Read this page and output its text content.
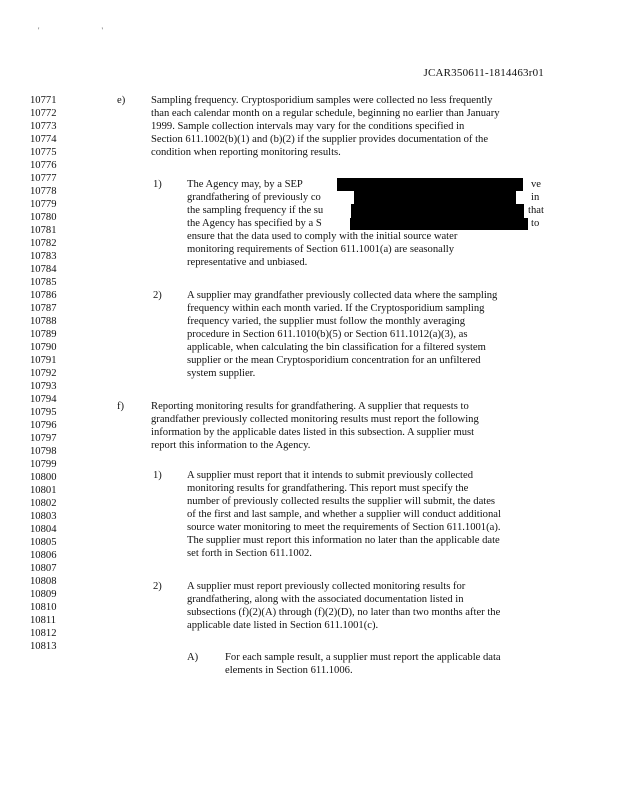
' '
JCAR350611-1814463r01
10771
10772
10773
10774
10775
10776
10777
10778
10779
10780
10781
10782
10783
10784
10785
10786
10787
10788
10789
10790
10791
10792
10793
10794
10795
10796
10797
10798
10799
10800
10801
10802
10803
10804
10805
10806
10807
10808
10809
10810
10811
10812
10813
e) Sampling frequency. Cryptosporidium samples were collected no less frequently
than each calendar month on a regular schedule, beginning no earlier than January
1999. Sample collection intervals may vary for the conditions specified in
Section 611.1002(b)(1) and (b)(2) if the supplier provides documentation of the
condition when reporting monitoring results.
1) The Agency may, by a SEP
grandfathering of previously co
the sampling frequency if the su
the Agency has specified by a S
ensure that the data used to comply with the initial source water
monitoring requirements of Section 611.1001(a) are seasonally
representative and unbiased.
ve
in
that
to
2) A supplier may grandfather previously collected data where the sampling
frequency within each month varied. If the Cryptosporidium sampling
frequency varied, the supplier must follow the monthly averaging
procedure in Section 611.1010(b)(5) or Section 611.1012(a)(3), as
applicable, when calculating the bin classification for a filtered system
supplier or the mean Cryptosporidium concentration for an unfiltered
system supplier.
f)	Reporting monitoring results for grandfathering. A supplier that requests to
grandfather previously collected monitoring results must report the following
information by the applicable dates listed in this subsection. A supplier must
report this information to the Agency.
1) A supplier must report that it intends to submit previously collected
monitoring results for grandfathering. This report must specify the
number of previously collected results the supplier will submit, the dates
of the first and last sample, and whether a supplier will conduct additional
source water monitoring to meet the requirements of Section 611.1001(a).
The supplier must report this information no later than the applicable date
set forth in Section 611.1002.
2) A supplier must report previously collected monitoring results for
grandfathering, along with the associated documentation listed in
subsections (f)(2)(A) through (f)(2)(D), no later than two months after the
applicable date listed in Section 611.1001(c).
A)	For each sample result, a supplier must report the applicable data
elements in Section 611.1006.
